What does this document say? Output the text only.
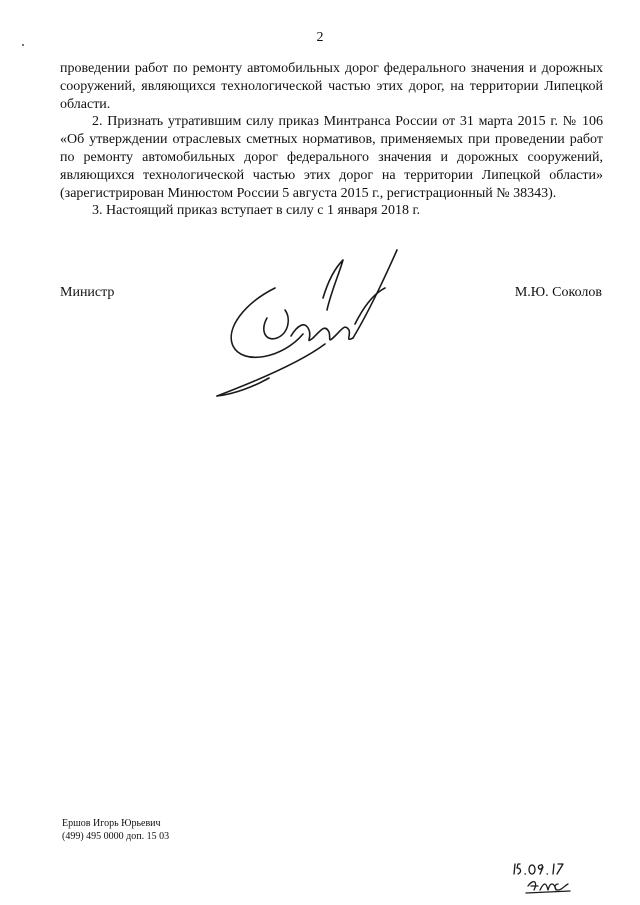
2

проведении работ по ремонту автомобильных дорог федерального значения и дорожных сооружений, являющихся технологической частью этих дорог, на территории Липецкой области.

2. Признать утратившим силу приказ Минтранса России от 31 марта 2015 г. № 106 «Об утверждении отраслевых сметных нормативов, применяемых при проведении работ по ремонту автомобильных дорог федерального значения и дорожных сооружений, являющихся технологической частью этих дорог на территории Липецкой области» (зарегистрирован Минюстом России 5 августа 2015 г., регистрационный № 38343).

3. Настоящий приказ вступает в силу с 1 января 2018 г.

Министр	М.Ю. Соколов
Ершов Игорь Юрьевич
(499) 495 0000 доп. 15 03
